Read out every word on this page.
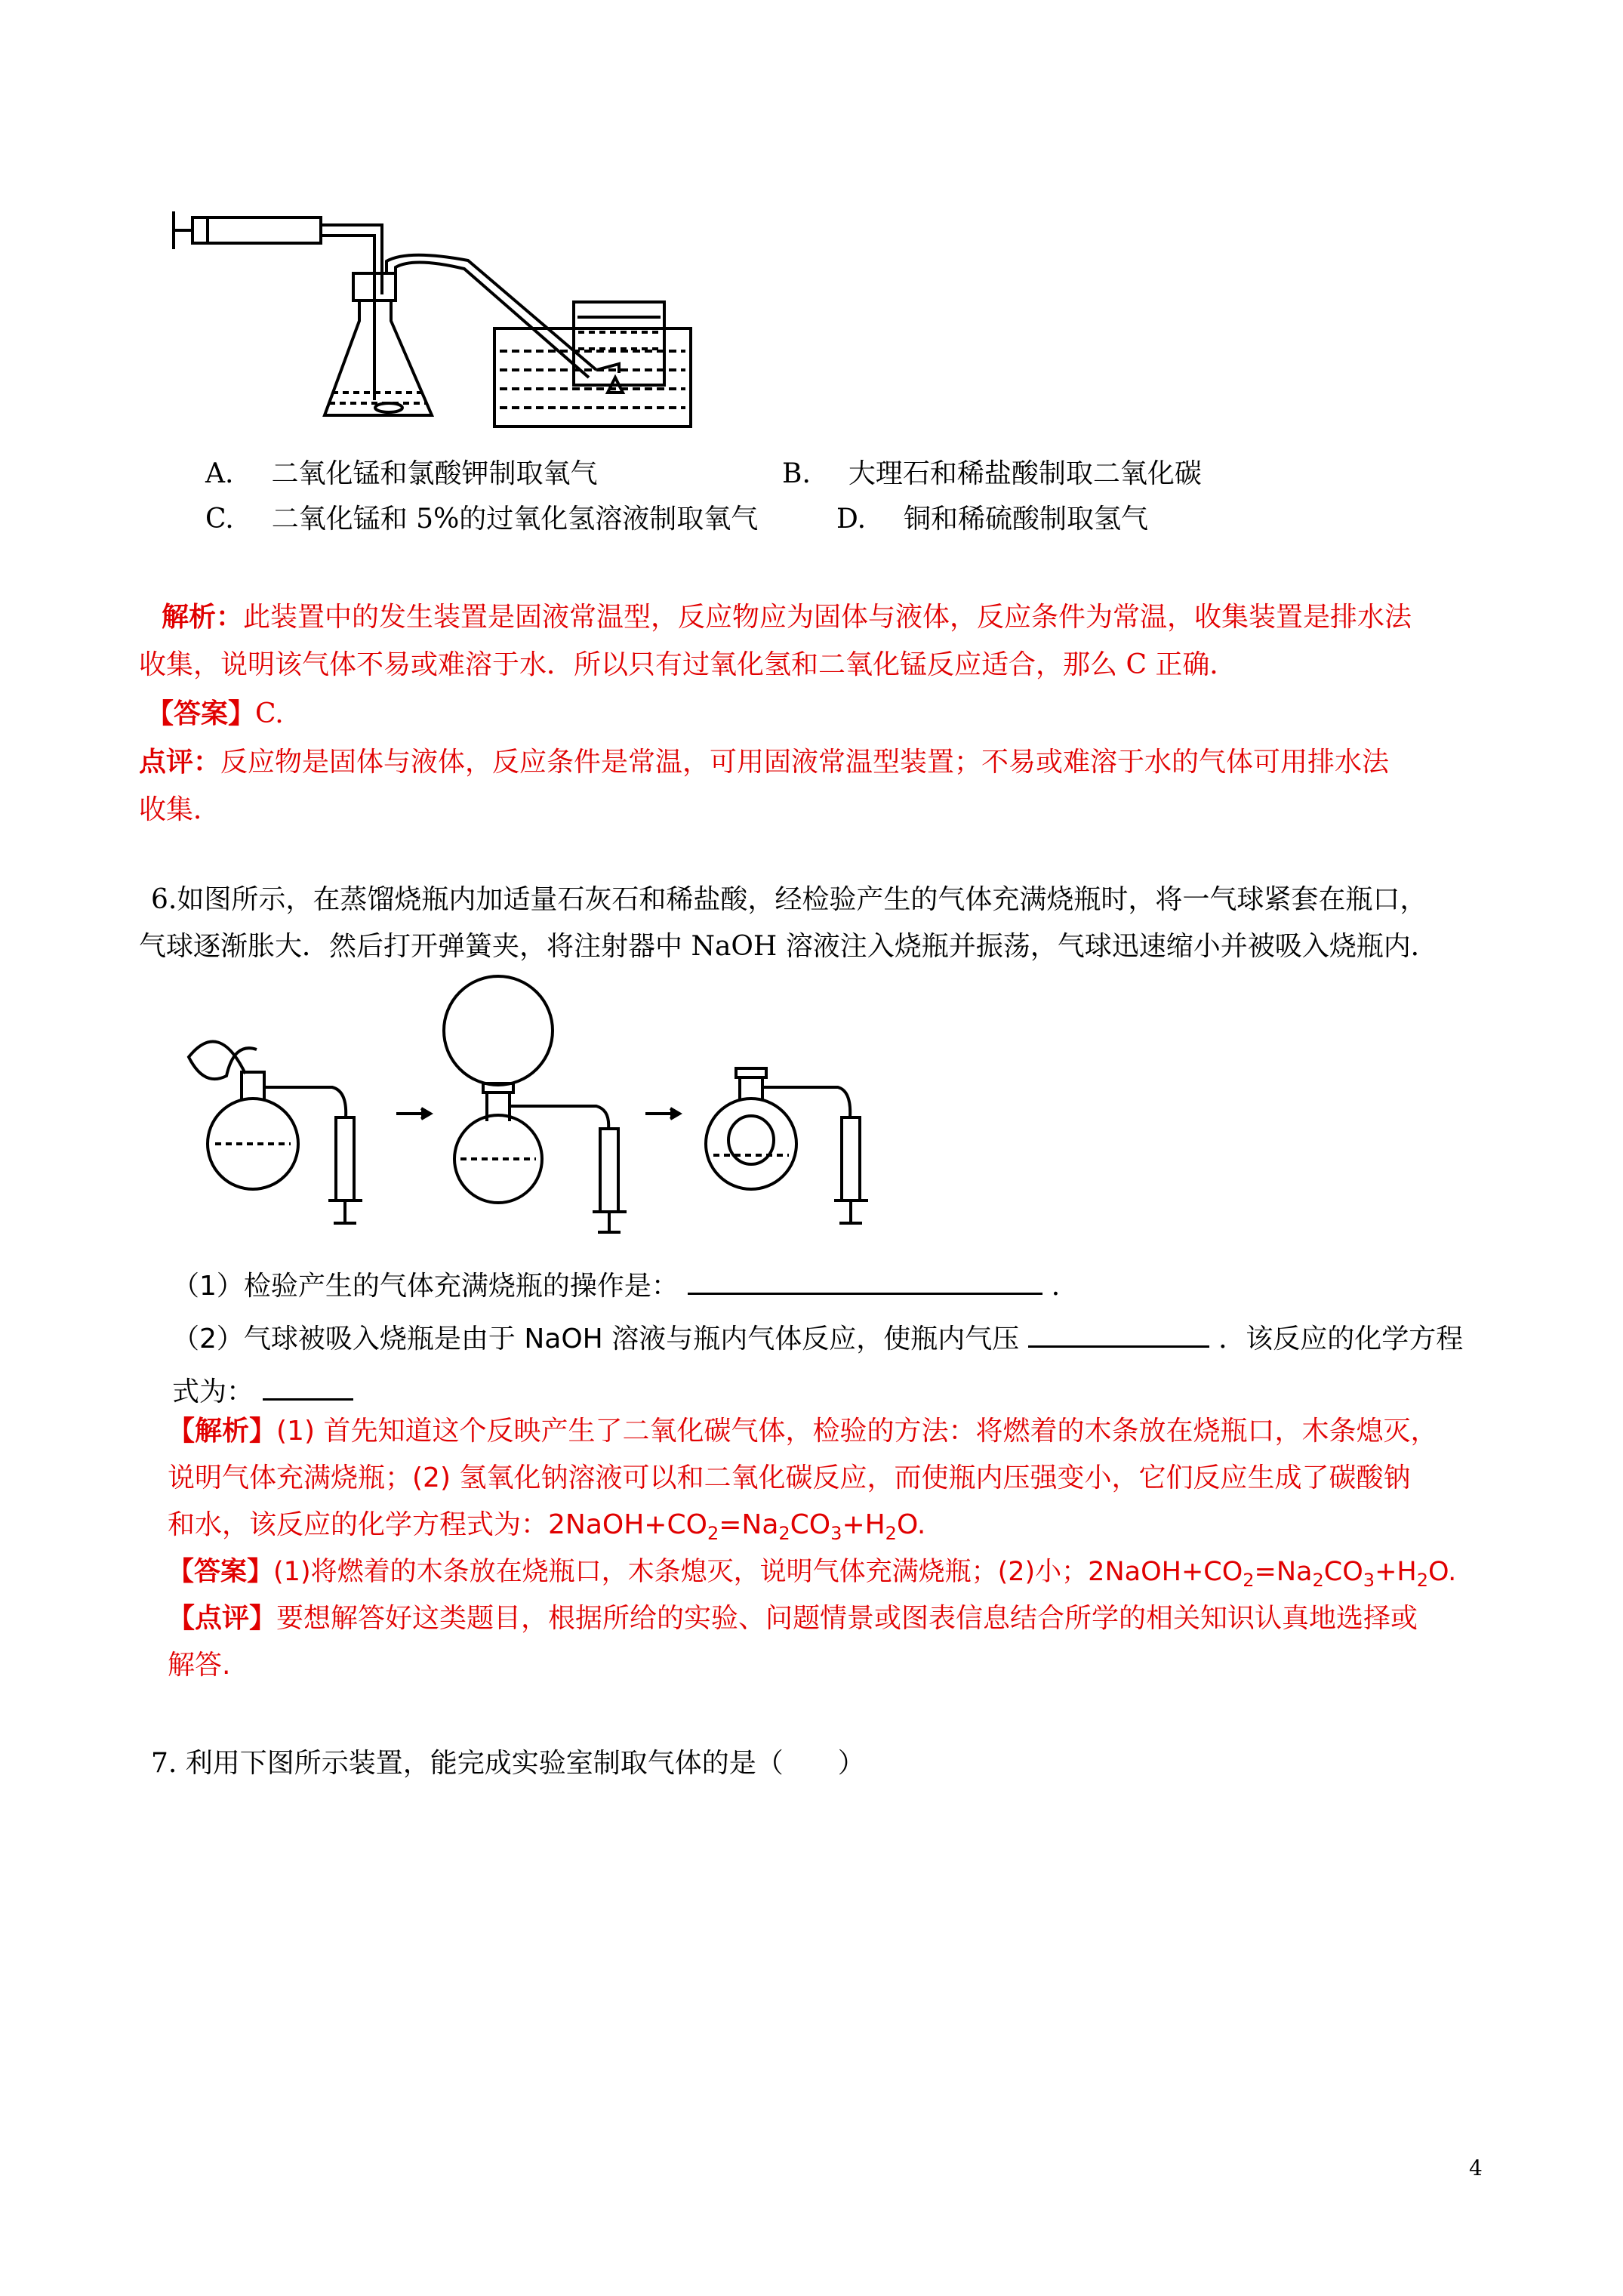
A. 二氧化锰和氯酸钾制取氧气	B. 大理石和稀盐酸制取二氧化碳
C. 二氧化锰和 5%的过氧化氢溶液制取氧气	D. 铜和稀硫酸制取氢气
解析：此装置中的发生装置是固液常温型，反应物应为固体与液体，反应条件为常温，收集装置是排水法
收集，说明该气体不易或难溶于水．所以只有过氧化氢和二氧化锰反应适合，那么 C 正确．
【答案】C.
点评：反应物是固体与液体，反应条件是常温，可用固液常温型装置；不易或难溶于水的气体可用排水法
收集．
6.如图所示，在蒸馏烧瓶内加适量石灰石和稀盐酸，经检验产生的气体充满烧瓶时，将一气球紧套在瓶口，
气球逐渐胀大．然后打开弹簧夹，将注射器中 NaOH 溶液注入烧瓶并振荡，气球迅速缩小并被吸入烧瓶内．
（1）检验产生的气体充满烧瓶的操作是：	．
（2）气球被吸入烧瓶是由于 NaOH 溶液与瓶内气体反应，使瓶内气压	．该反应的化学方程
式为：
【解析】(1) 首先知道这个反映产生了二氧化碳气体，检验的方法：将燃着的木条放在烧瓶口，木条熄灭，
说明气体充满烧瓶；(2) 氢氧化钠溶液可以和二氧化碳反应，而使瓶内压强变小，它们反应生成了碳酸钠
和水，该反应的化学方程式为：$2NaOH+CO_2=Na_2CO_3+H_2O$.
【答案】(1)将燃着的木条放在烧瓶口，木条熄灭，说明气体充满烧瓶；(2)小；$2NaOH+CO_2=Na_2CO_3+H_2O$.
【点评】要想解答好这类题目，根据所给的实验、问题情景或图表信息结合所学的相关知识认真地选择或
解答.
7. 利用下图所示装置，能完成实验室制取气体的是（　　）
4
